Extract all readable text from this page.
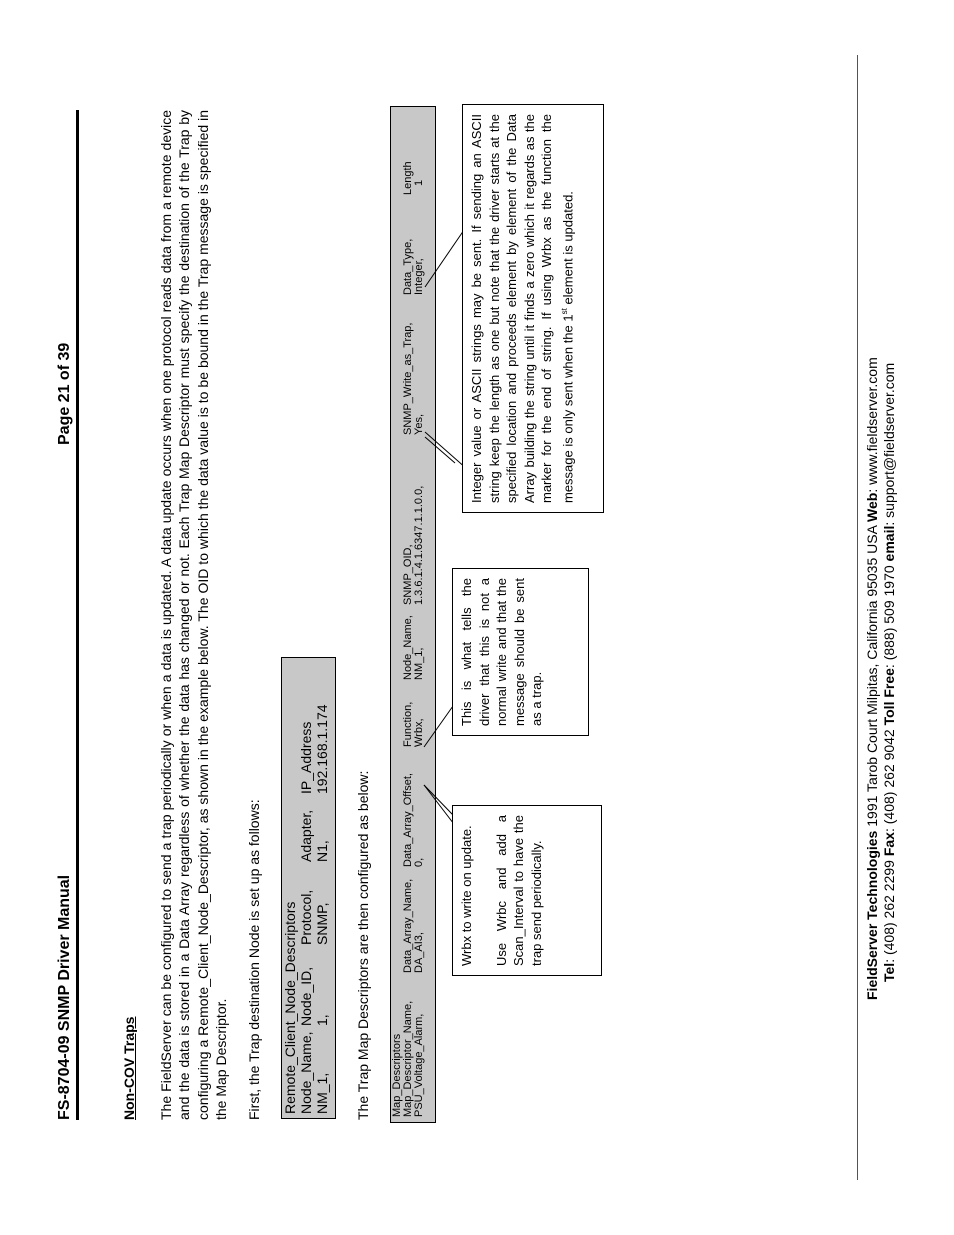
FS-8704-09 SNMP Driver Manual
Page 21 of 39
Non-COV Traps The FieldServer can be configured to send a trap periodically or when a data is updated. A data update occurs when one protocol reads data from a remote device and the data is stored in a Data Array regardless of whether the data has changed or not. Each Trap Map Descriptor must specify the destination of the Trap by configuring a Remote_Client_Node_Descriptor, as shown in the example below. The OID to which the data value is to be bound in the Trap message is specified in the Map Descriptor. First, the Trap destination Node is set up as follows: Remote_Client_Node_Descriptors Node_Name, NM_1,
Node_ID, 1,
Protocol, SNMP,
Adapter, N1,
IP_Address 192.168.1.174
The Trap Map Descriptors are then configured as below: Map_Descriptors Map_Descriptor_Name, PSU_Voltage_Alarm,
Data_Array_Name, DA_AI3,
Data_Array_Offset, 0,
Function, Wrbx,
Node_Name, NM_1,
SNMP_OID, 1.3.6.1.4.1.6347.1.1.0.0,
SNMP_Write_as_Trap, Yes,
Data_Type, Integer,
Length 1
Wrbx to write on update. Use Wrbc and add a Scan_Interval to have the trap send periodically.
This is what tells the driver that this is not a normal write and that the message should be sent as a trap.
Integer value or ASCII strings may be sent. If sending an ASCII string keep the length as one but note that the driver starts at the specified location and proceeds element by element of the Data Array building the string until it finds a zero which it regards as the marker for the end of string. If using Wrbx as the function the message is only sent when the 1st element is updated.
FieldServer Technologies 1991 Tarob Court Milpitas, California 95035 USA Web: www.fieldserver.com
Tel: (408) 262 2299 Fax: (408) 262 9042 Toll Free: (888) 509 1970 email: support@fieldserver.com
